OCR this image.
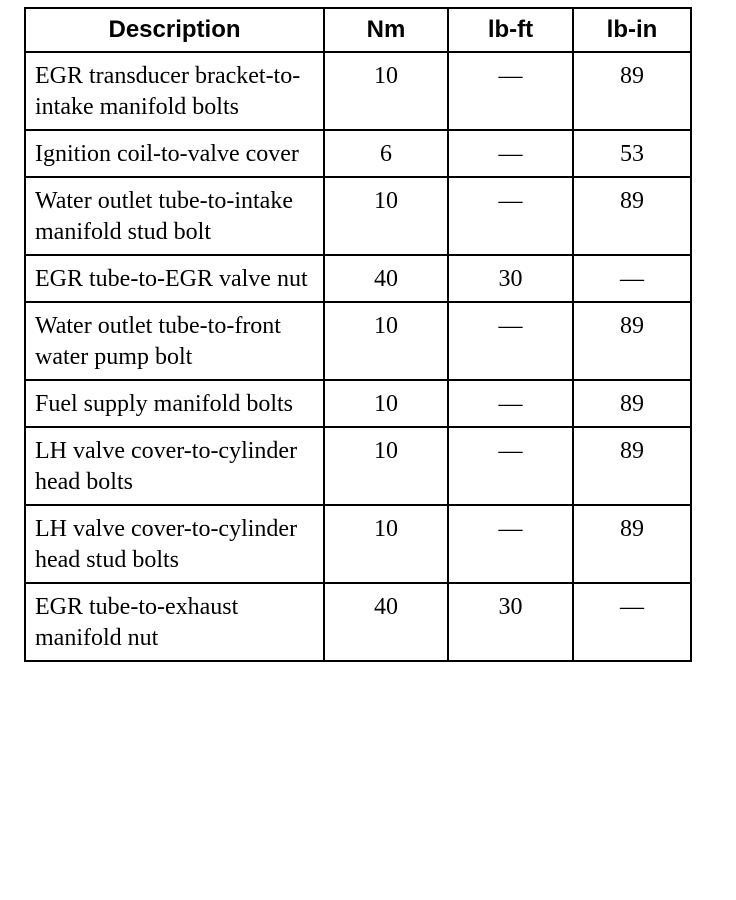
Description	Nm	lb-ft	lb-in
EGR transducer bracket-to-intake manifold bolts	10	—	89
Ignition coil-to-valve cover	6	—	53
Water outlet tube-to-intake manifold stud bolt	10	—	89
EGR tube-to-EGR valve nut	40	30	—
Water outlet tube-to-front water pump bolt	10	—	89
Fuel supply manifold bolts	10	—	89
LH valve cover-to-cylinder head bolts	10	—	89
LH valve cover-to-cylinder head stud bolts	10	—	89
EGR tube-to-exhaust manifold nut	40	30	—
